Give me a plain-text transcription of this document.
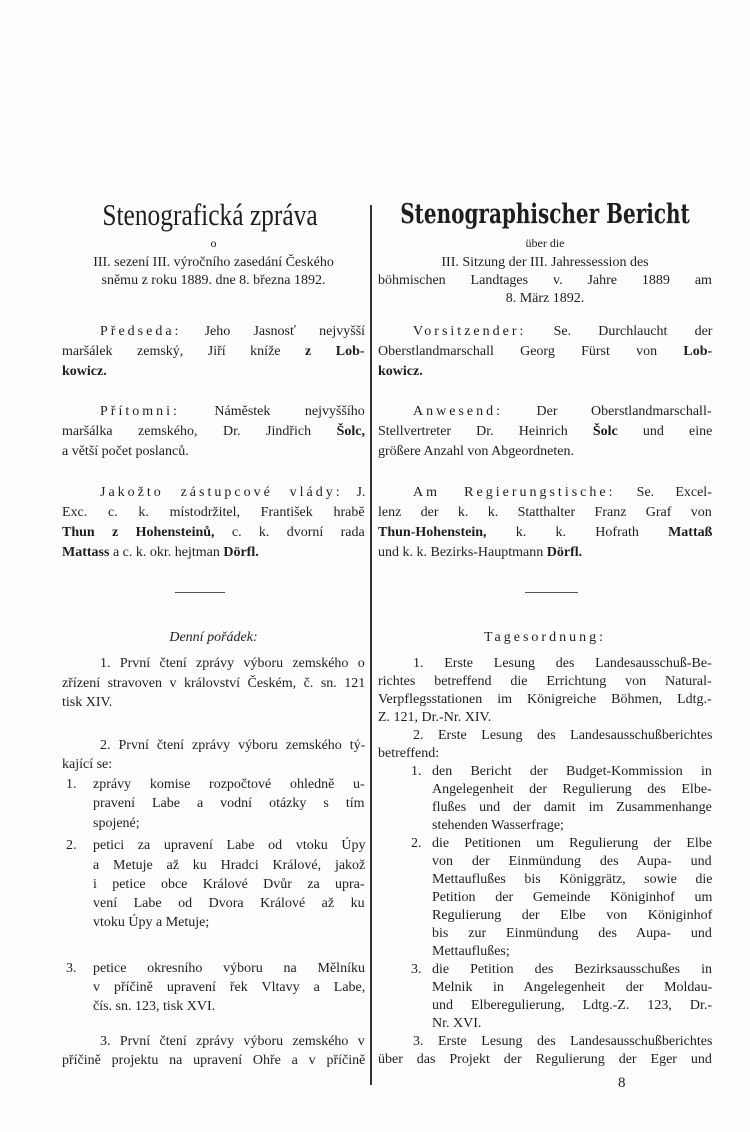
Stenografická zpráva
o
III. sezení III. výročního zasedání Českého
sněmu z roku 1889. dne 8. března 1892.
Předseda: Jeho Jasnosť nejvyšší
maršálek zemský, Jiří kníže z Lob-
kowicz.
Přítomni: Náměstek nejvyššího
maršálka zemského, Dr. Jindřich Šolc,
a větší počet poslanců.
Jakožto zástupcové vlády: J.
Exc. c. k. místodržitel, František hrabě
Thun z Hohensteinů, c. k. dvorní rada
Mattass a c. k. okr. hejtman Dörfl.
Denní pořádek:
1. První čtení zprávy výboru zemského o
zřízení stravoven v království Českém, č. sn. 121
tisk XIV.
2. První čtení zprávy výboru zemského tý-
kající se:
1.	zprávy komise rozpočtové ohledně u-
pravení Labe a vodní otázky s tím
spojené;
2.	petici za upravení Labe od vtoku Úpy
a Metuje až ku Hradci Králové, jakož
i petice obce Králové Dvůr za upra-
vení Labe od Dvora Králové až ku
vtoku Úpy a Metuje;
3.	petice okresního výboru na Mělníku
v příčině upravení řek Vltavy a Labe,
čís. sn. 123, tisk XVI.
3. První čtení zprávy výboru zemského v
příčině projektu na upravení Ohře a v příčině
Stenographischer Bericht
über die
III. Sitzung der III. Jahressession des
böhmischen Landtages v. Jahre 1889 am
8. März 1892.
Vorsitzender: Se. Durchlaucht der
Oberstlandmarschall Georg Fürst von Lob-
kowicz.
Anwesend: Der Oberstlandmarschall-
Stellvertreter Dr. Heinrich Šolc und eine
größere Anzahl von Abgeordneten.
Am Regierungstische: Se. Excel-
lenz der k. k. Statthalter Franz Graf von
Thun-Hohenstein, k. k. Hofrath Mattaß
und k. k. Bezirks-Hauptmann Dörfl.
Tagesordnung:
1. Erste Lesung des Landesausschuß-Be-
richtes betreffend die Errichtung von Natural-
Verpflegsstationen im Königreiche Böhmen, Ldtg.-
Z. 121, Dr.-Nr. XIV.
2. Erste Lesung des Landesausschußberichtes
betreffend:
1. den Bericht der Budget-Kommission in
Angelegenheit der Regulierung des Elbe-
flußes und der damit im Zusammenhange
stehenden Wasserfrage;
2. die Petitionen um Regulierung der Elbe
von der Einmündung des Aupa- und
Mettauflußes bis Königgrätz, sowie die
Petition der Gemeinde Königinhof um
Regulierung der Elbe von Königinhof
bis zur Einmündung des Aupa- und
Mettauflußes;
3. die Petition des Bezirksausschußes in
Melnik in Angelegenheit der Moldau-
und Elberegulierung, Ldtg.-Z. 123, Dr.-
Nr. XVI.
3. Erste Lesung des Landesausschußberichtes
über das Projekt der Regulierung der Eger und
8
